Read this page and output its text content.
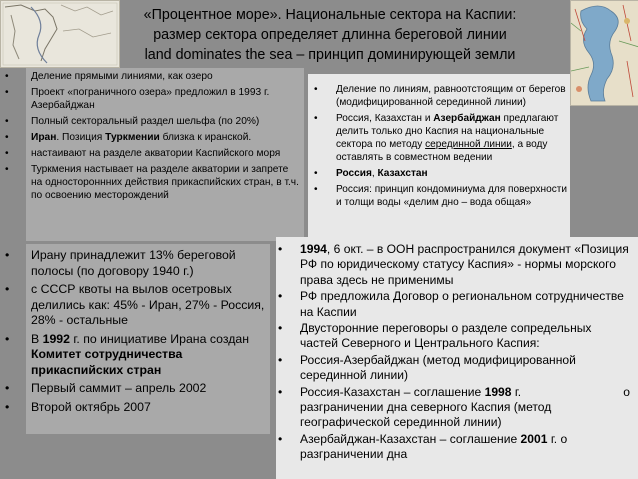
«Процентное море». Национальные сектора на Каспии:
размер сектора определяет длинна береговой линии
land dominates the sea – принцип доминирующей земли
• Деление прямыми линиями, как озеро
• Проект «пограничного озера» предложил в 1993 г. Азербайджан
• Полный секторальный раздел шельфа (по 20%)
• Иран. Позиция Туркмении близка к иранской.
• настаивают на разделе акватории Каспийского моря
• Туркмения настывает на разделе акватории и запрете на одностороннних действия прикаспийских стран, в т.ч. по освоению месторождений
• Деление по линиям, равноотстоящим от берегов (модифицированной серединной линии)
• Россия, Казахстан и Азербайджан предлагают делить только дно Каспия на национальные сектора по методу серединной линии, а воду оставлять в совместном ведении
• Россия, Казахстан
• Россия: принцип кондоминиума для поверхности и толщи воды «делим дно – вода общая»
• Ирану принадлежит 13% береговой полосы (по договору 1940 г.)
• с СССР квоты на вылов осетровых делились как: 45% - Иран, 27% - Россия, 28% - остальные
• В 1992 г. по инициативе Ирана создан Комитет сотрудничества прикаспийских стран
• Первый саммит – апрель 2002
• Второй октябрь 2007
• 1994, 6 окт. – в ООН распространился документ «Позиция РФ по юридическому статусу Каспия» - нормы морского права здесь не применимы
• РФ предложила Договор о региональном сотрудничестве на Каспии
• Двусторонние переговоры о разделе сопредельных частей Северного и Центрального Каспия:
• Россия-Азербайджан (метод модифицированной серединной линии)
• Россия-Казахстан – соглашение 1998 г.	о

разграничении дна северного Каспия (метод географической серединной линии)
• Азербайджан-Казахстан – соглашение 2001 г. о разграничении дна
